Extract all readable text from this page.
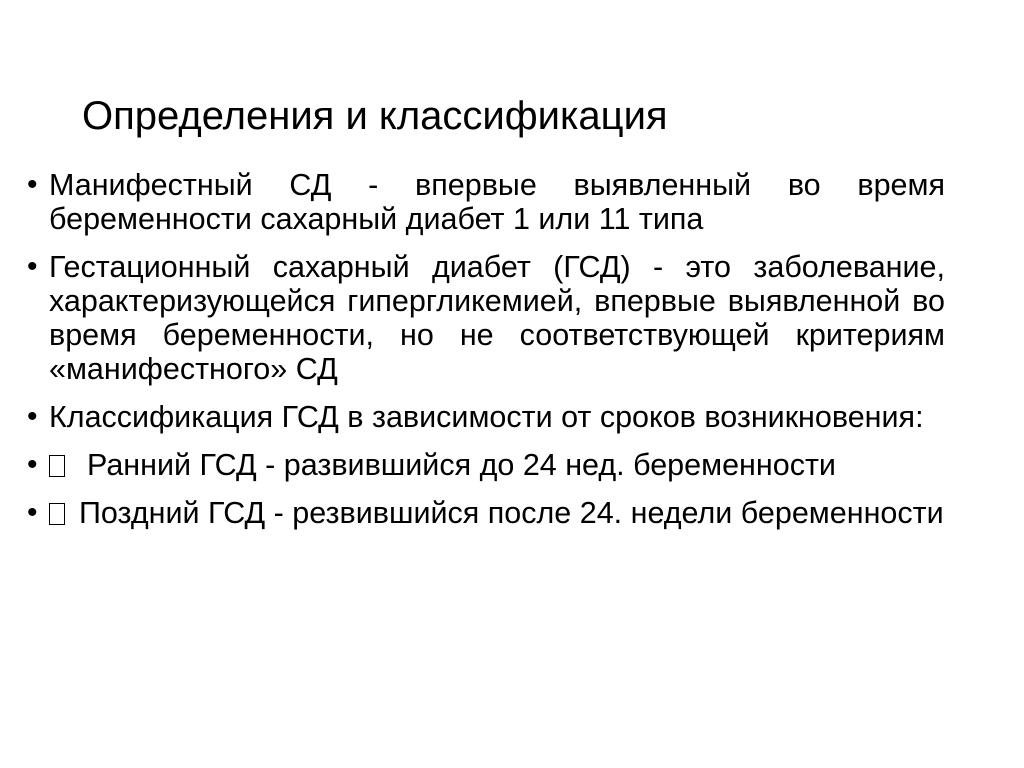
Определения и классификация
• Манифестный СД - впервые выявленный во время беременности сахарный диабет 1 или 11 типа
• Гестационный сахарный диабет (ГСД) - это заболевание, характеризующейся гипергликемией, впервые выявленной во время беременности, но не соответствующей критериям «манифестного» СД
• Классификация ГСД в зависимости от сроков возникновения:
•	Ранний ГСД - развившийся до 24 нед. беременности
•	Поздний ГСД - резвившийся после 24. недели беременности
